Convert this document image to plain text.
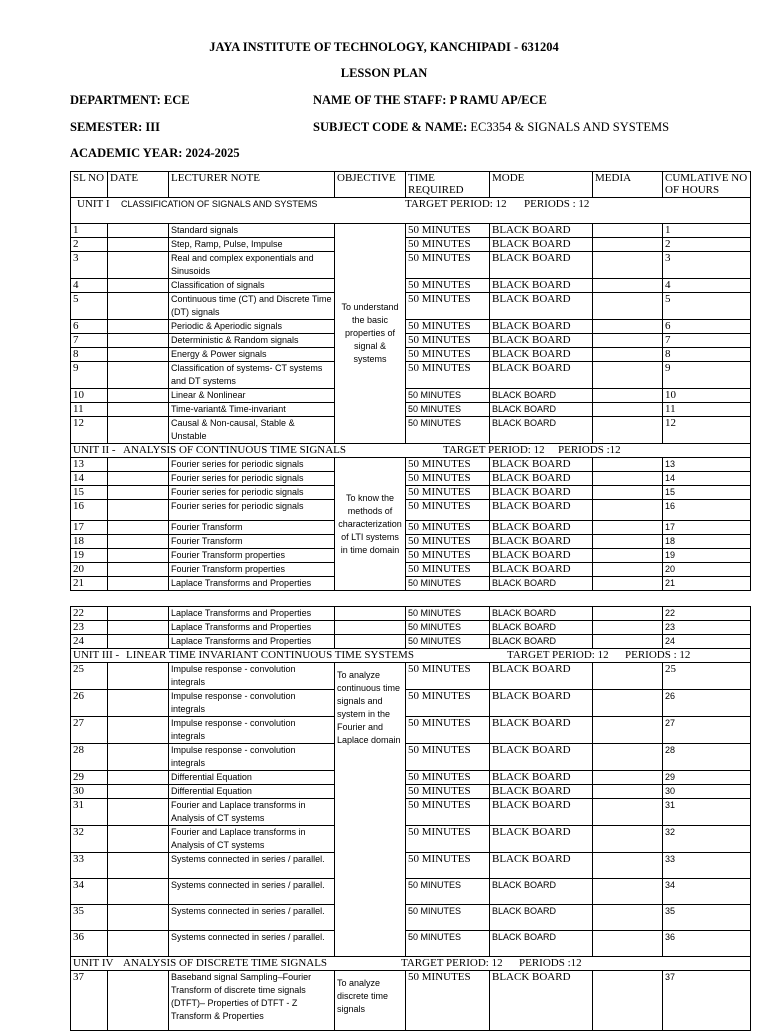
JAYA INSTITUTE OF TECHNOLOGY, KANCHIPADI - 631204
LESSON PLAN
DEPARTMENT: ECE	NAME OF THE STAFF: P RAMU AP/ECE
SEMESTER: III	SUBJECT CODE & NAME: EC3354 & SIGNALS AND SYSTEMS
ACADEMIC YEAR: 2024-2025
SL NO	DATE	LECTURER NOTE	OBJECTIVE	TIME REQUIRED	MODE	MEDIA	CUMLATIVE NO OF HOURS

UNIT I CLASSIFICATION OF SIGNALS AND SYSTEMS TARGET PERIOD: 12 PERIODS : 12							

1		Standard signals	To understand the basic properties of signal & systems	50 MINUTES	BLACK BOARD		1
2		Step, Ramp, Pulse, Impulse		50 MINUTES	BLACK BOARD		2
3		Real and complex exponentials and Sinusoids		50 MINUTES	BLACK BOARD		3
4		Classification of signals		50 MINUTES	BLACK BOARD		4
5		Continuous time (CT) and Discrete Time (DT) signals		50 MINUTES	BLACK BOARD		5
6		Periodic & Aperiodic signals		50 MINUTES	BLACK BOARD		6
7		Deterministic & Random signals		50 MINUTES	BLACK BOARD		7
8		Energy & Power signals		50 MINUTES	BLACK BOARD		8
9		Classification of systems- CT systems and DT systems		50 MINUTES	BLACK BOARD		9
10		Linear & Nonlinear		50 MINUTES	BLACK BOARD		10
11		Time-variant& Time-invariant		50 MINUTES	BLACK BOARD		11
12		Causal & Non-causal, Stable & Unstable		50 MINUTES	BLACK BOARD		12

UNIT II - ANALYSIS OF CONTINUOUS TIME SIGNALS TARGET PERIOD: 12 PERIODS :12							

13		Fourier series for periodic signals	To know the methods of characterization of LTI systems in time domain	50 MINUTES	BLACK BOARD		13
14		Fourier series for periodic signals		50 MINUTES	BLACK BOARD		14
15		Fourier series for periodic signals		50 MINUTES	BLACK BOARD		15
16		Fourier series for periodic signals		50 MINUTES	BLACK BOARD		16
17		Fourier Transform		50 MINUTES	BLACK BOARD		17
18		Fourier Transform		50 MINUTES	BLACK BOARD		18
19		Fourier Transform properties		50 MINUTES	BLACK BOARD		19
20		Fourier Transform properties		50 MINUTES	BLACK BOARD		20
21		Laplace Transforms and Properties		50 MINUTES	BLACK BOARD		21
22		Laplace Transforms and Properties		50 MINUTES	BLACK BOARD		22
23		Laplace Transforms and Properties		50 MINUTES	BLACK BOARD		23
24		Laplace Transforms and Properties		50 MINUTES	BLACK BOARD		24

UNIT III - LINEAR TIME INVARIANT CONTINUOUS TIME SYSTEMS TARGET PERIOD: 12 PERIODS : 12							

25		Impulse response - convolution integrals	To analyze continuous time signals and system in the Fourier and Laplace domain	50 MINUTES	BLACK BOARD		25
26		Impulse response - convolution integrals		50 MINUTES	BLACK BOARD		26
27		Impulse response - convolution integrals		50 MINUTES	BLACK BOARD		27
28		Impulse response - convolution integrals		50 MINUTES	BLACK BOARD		28
29		Differential Equation		50 MINUTES	BLACK BOARD		29
30		Differential Equation		50 MINUTES	BLACK BOARD		30
31		Fourier and Laplace transforms in Analysis of CT systems		50 MINUTES	BLACK BOARD		31
32		Fourier and Laplace transforms in Analysis of CT systems		50 MINUTES	BLACK BOARD		32
33		Systems connected in series / parallel.		50 MINUTES	BLACK BOARD		33
34		Systems connected in series / parallel.		50 MINUTES	BLACK BOARD		34
35		Systems connected in series / parallel.		50 MINUTES	BLACK BOARD		35
36		Systems connected in series / parallel.		50 MINUTES	BLACK BOARD		36

UNIT IV ANALYSIS OF DISCRETE TIME SIGNALS TARGET PERIOD: 12 PERIODS :12							

37		Baseband signal Sampling–Fourier Transform of discrete time signals (DTFT)– Properties of DTFT - Z Transform & Properties	To analyze discrete time signals	50 MINUTES	BLACK BOARD		37
